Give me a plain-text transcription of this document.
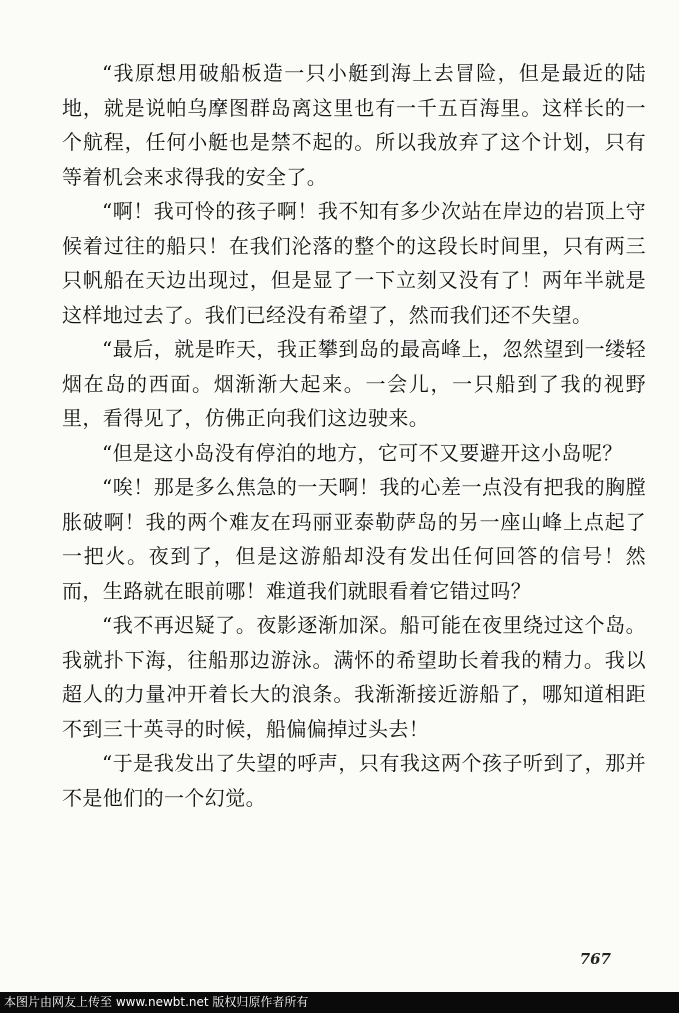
“我原想用破船板造一只小艇到海上去冒险，但是最近的陆地，就是说帕乌摩图群岛离这里也有一千五百海里。这样长的一个航程，任何小艇也是禁不起的。所以我放弃了这个计划，只有等着机会来求得我的安全了。

“啊！我可怜的孩子啊！我不知有多少次站在岸边的岩顶上守候着过往的船只！在我们沦落的整个的这段长时间里，只有两三只帆船在天边出现过，但是显了一下立刻又没有了！两年半就是这样地过去了。我们已经没有希望了，然而我们还不失望。

“最后，就是昨天，我正攀到岛的最高峰上，忽然望到一缕轻烟在岛的西面。烟渐渐大起来。一会儿，一只船到了我的视野里，看得见了，仿佛正向我们这边驶来。

“但是这小岛没有停泊的地方，它可不又要避开这小岛呢？

“唉！那是多么焦急的一天啊！我的心差一点没有把我的胸膛胀破啊！我的两个难友在玛丽亚泰勒萨岛的另一座山峰上点起了一把火。夜到了，但是这游船却没有发出任何回答的信号！然而，生路就在眼前哪！难道我们就眼看着它错过吗？

“我不再迟疑了。夜影逐渐加深。船可能在夜里绕过这个岛。我就扑下海，往船那边游泳。满怀的希望助长着我的精力。我以超人的力量冲开着长大的浪条。我渐渐接近游船了，哪知道相距不到三十英寻的时候，船偏偏掉过头去！

“于是我发出了失望的呼声，只有我这两个孩子听到了，那并不是他们的一个幻觉。

767
本图片由网友上传至 www.newbt.net 版权归原作者所有
